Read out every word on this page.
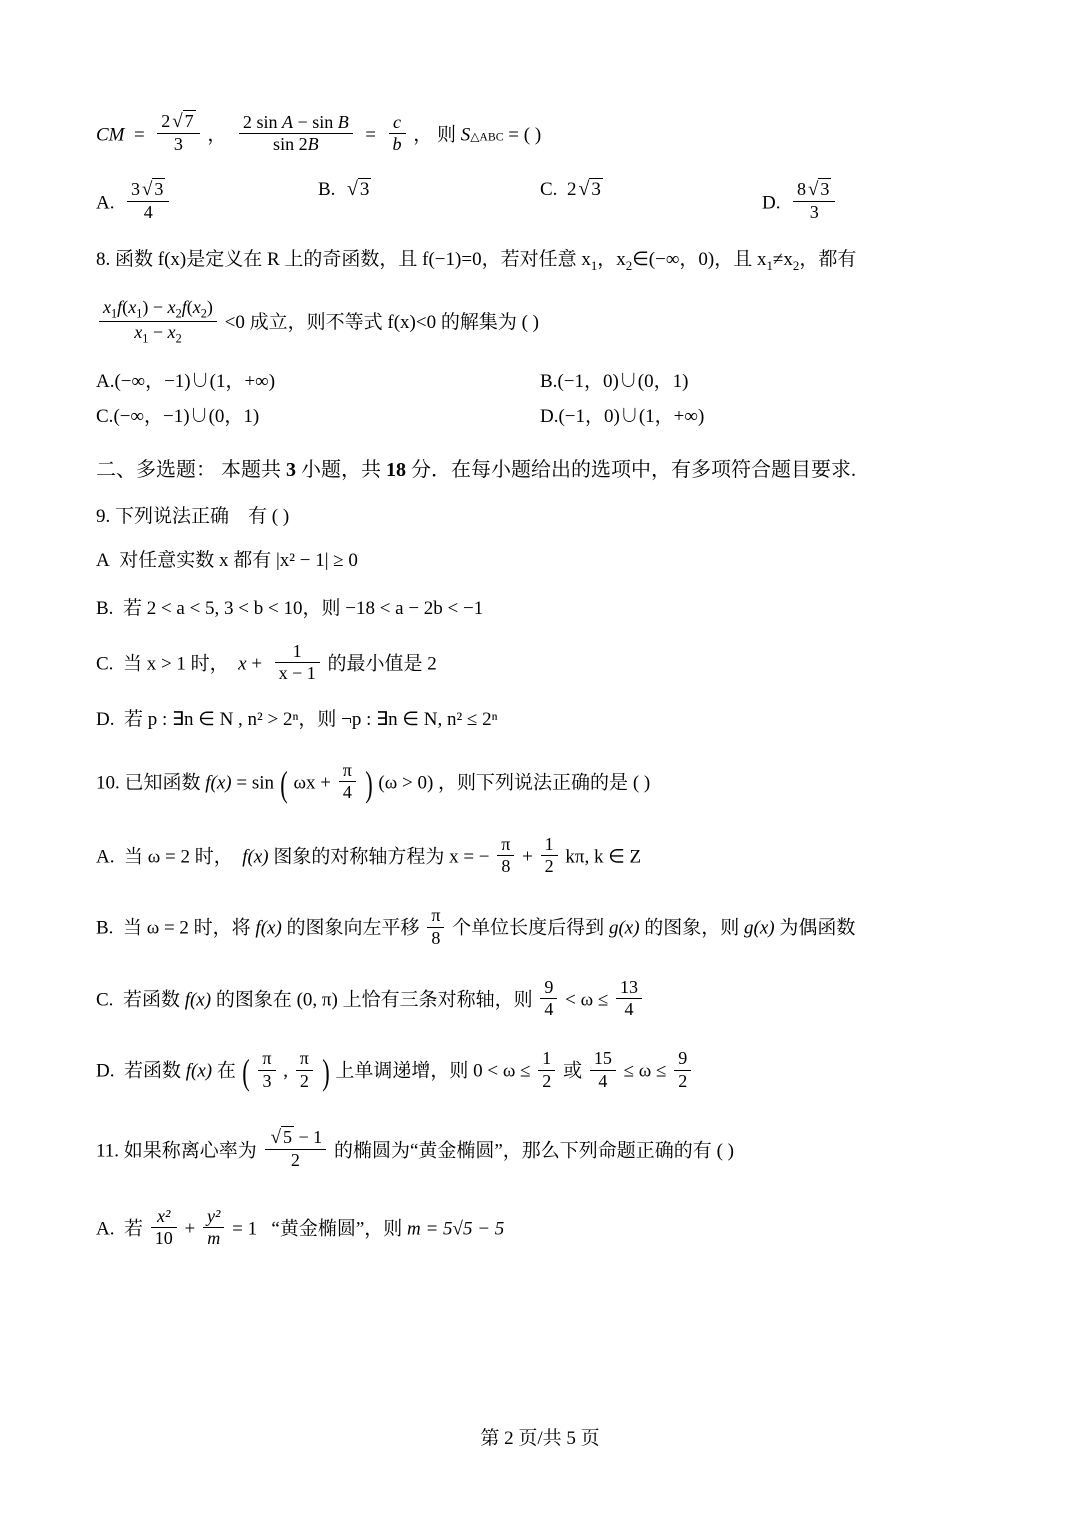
CM  = $\frac{2 √ 7}{3}$ ， $\frac{\text{2 sin A − sin B}}{\sin 2B} = \frac{c}{b}$ ， 则 S△ABC = ( )
A. $\frac{3 √ 3}{4}$	B. √ 3	C. 2 √ 3
D. $\frac{8 √ 3}{3}$
8. 函数 f(x)是定义在 R 上的奇函数，且 f(−1)=0，若对任意 $x_1$，$x_2\in(-\infty$，0)，且 $x_1\ne x_2$，都有
$\frac{x_1f(x_1) - x_2f(x_2)}{x_1 - x_2} <0$ 成立，则不等式 f(x)<0 的解集为 ( )
A.(−∞，−1)∪(1，+∞)	B.(−1，0)∪(0，1)
C.(−∞，−1)∪(0，1)	D.(−1，0)∪(1，+∞)
二、多选题： 本题共 3 小题，共 18 分．在每小题给出的选项中，有多项符合题目要求.
9. 下列说法正确　有 ( )
A 对任意实数 x 都有 |x² − 1| ≥ 0
B. 若 2 < a < 5, 3 < b < 10，则 −18 < a − 2b < −1
C. 当 x > 1 时， $x + \frac{1}{x - 1}$ 的最小值是 2
D. 若 p : ∃n ∈ N , n² > 2ⁿ，则 ¬p : ∃n ∈ N, n² ≤ 2ⁿ
10. 已知函数 f(x) = sin ( $\omega x + \frac{\pi}{4}$ ) (ω > 0) ，则下列说法正确的是 ( )
A. 当 ω = 2 时， f(x) 图象的对称轴方程为 x = − $\frac{\pi}{8} + \frac{1}{2} k\pi$, k ∈ Z
B. 当 ω = 2 时，将 f(x) 的图象向左平移 $\frac{\pi}{8}$ 个单位长度后得到 g(x) 的图象，则 g(x) 为偶函数
C. 若函数 f(x) 的图象在 (0, π) 上恰有三条对称轴，则 $\frac{9}{4} < \omega \le \frac{13}{4}$
D. 若函数 f(x) 在 ( $\frac{\pi}{3}$ , $\frac{\pi}{2}$ ) 上单调递增，则 $0 < \omega \le \frac{1}{2}$ 或 $\frac{15}{4} \le \omega \le \frac{9}{2}$
11. 如果称离心率为 $\frac{√ 5 - 1}{2}$ 的椭圆为“黄金椭圆”，那么下列命题正确的有 ( )
A. 若 $\frac{\text{x²}}{10} + \frac{\text{y²}}{m} = 1$ “黄金椭圆”，则 m = 5√5 − 5
第 2 页/共 5 页
